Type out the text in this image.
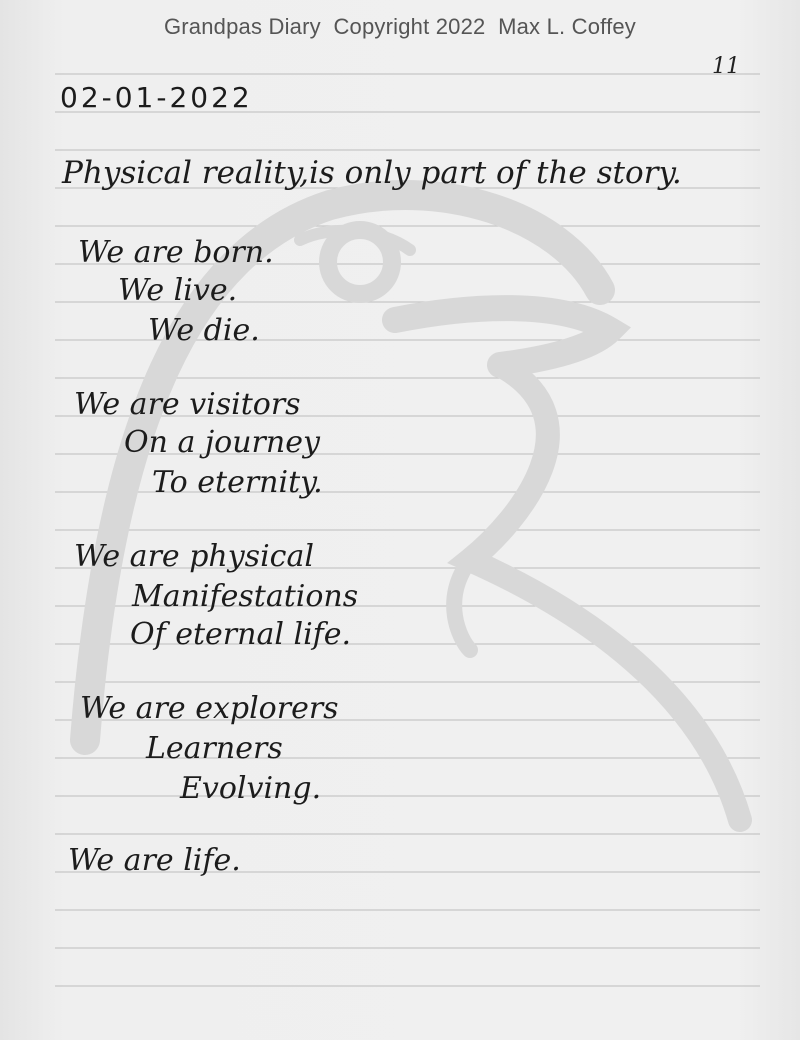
Grandpas Diary  Copyright 2022  Max L. Coffey
11
02-01-2022
Physical reality,is only part of the story.
We are born.
We live.
We die.
We are visitors
On a journey
To eternity.
We are physical
Manifestations
Of eternal life.
We are explorers
Learners
Evolving.
We are life.
